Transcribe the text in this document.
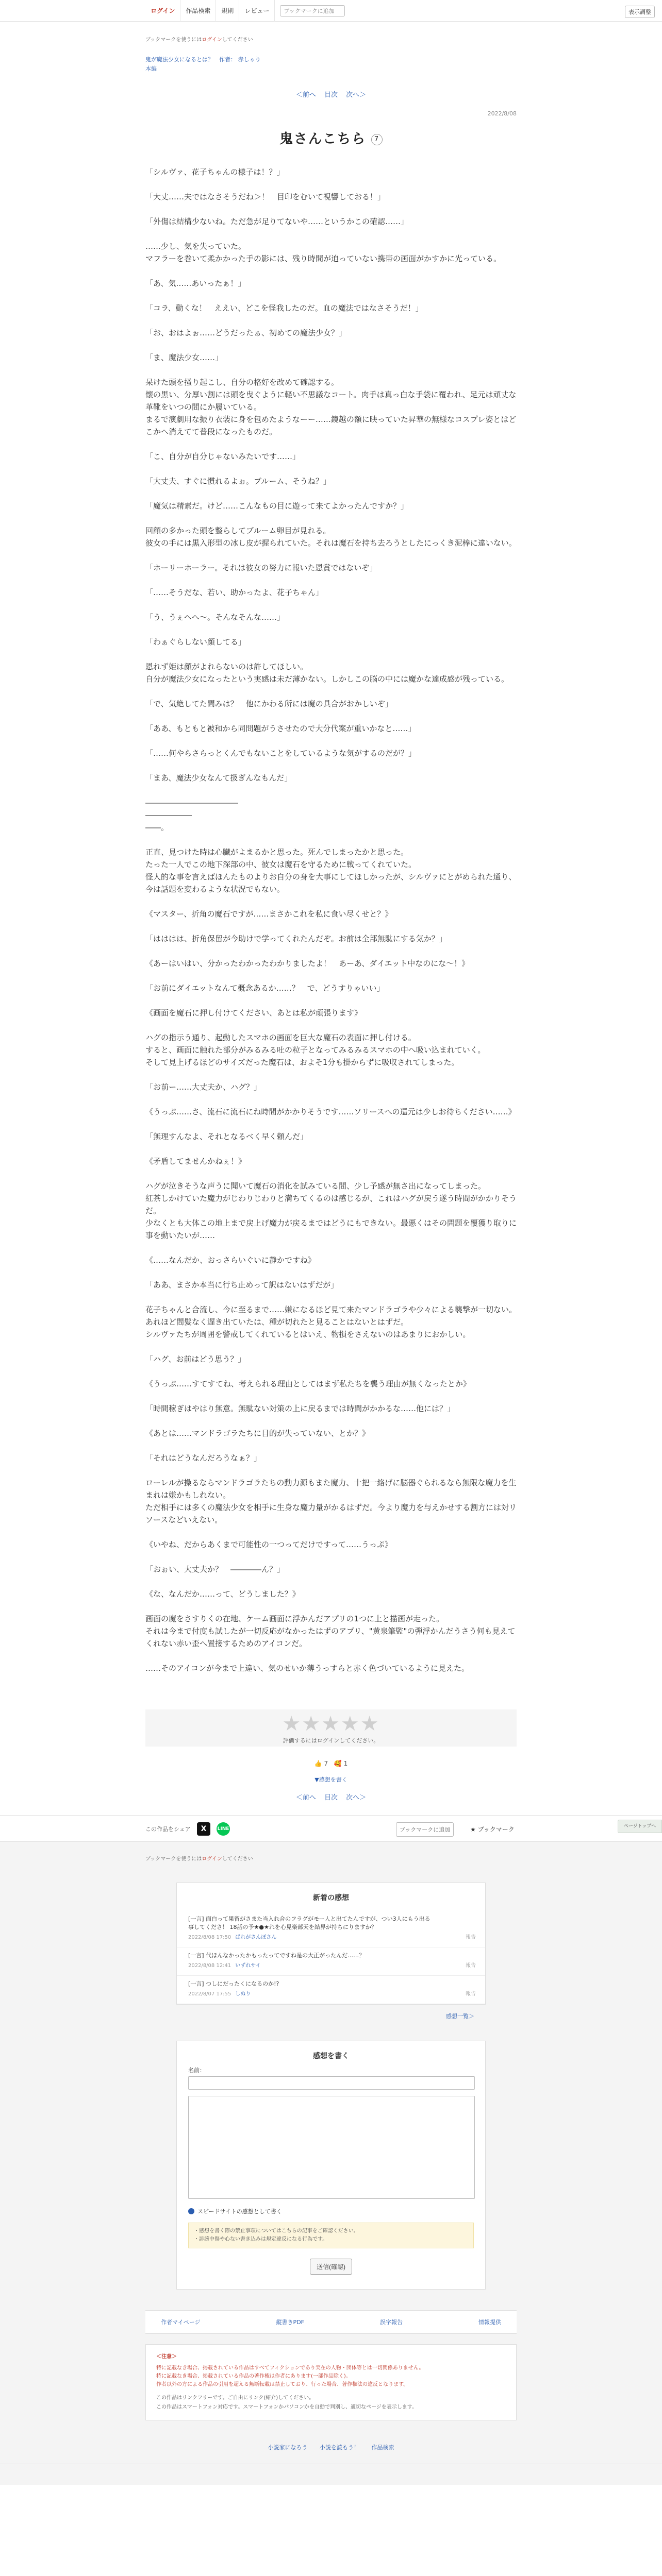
ログイン	作品検索	規則	レビュー	ブックマークに追加	表示調整
ブックマークを使うにはログインしてください
鬼が魔法少女になるとは？　作者： 赤しゃり
本編
＜前へ 目次 次へ＞
2022/8/08
鬼さんこちら 7

「シルヴァ、花子ちゃんの様子は！？」

「大丈……夫ではなさそうだね＞！　目印をむいて視響しておる！」

「外傷は結構少ないね。ただ急が足りてないや……というかこの確認……」

……少し、気を失っていた。
マフラーを巻いて柔かかった手の影には、残り時間が迫っていない携帯の画面がかすかに光っている。

「あ、気……あいったぁ！」

「コラ、動くな！　ええい、どこを怪我したのだ。血の魔法ではなさそうだ！」

「お、おはよぉ……どうだったぁ、初めての魔法少女？」

「ま、魔法少女……」

呆けた頭を掻り起こし、自分の格好を改めて確認する。
懐の黒い、分厚い割には頭を曳ぐように軽い不思議なコート。肉手は真っ白な手袋に覆われ、足元は頑丈な革靴をいつの間にか履いている。
まるで演劇用な振り衣装に身を包めたようなーー……鏡越の額に映っていた昇華の無様なコスプレ姿とはどこかへ消えてて普段になったものだ。

「こ、自分が自分じゃないみたいです……」

「大丈夫、すぐに慣れるよぉ。ブルーム、そうね？」

「魔気は精素だ。けど……こんなもの目に遊って来てよかったんですか？」

回顧の多かった頭を整らしてブルーム卵目が見れる。
彼女の手には黒入形型の冰し皮が握られていた。それは魔石を持ち去ろうとしたにっくき泥棒に違いない。

「ホーリーホーラー。それは彼女の努力に報いた恩賞ではないぞ」

「……そうだな、若い、助かったよ、花子ちゃん」

「う、うぇへへ〜。そんなそんな……」

「わぁぐらしない顔してる」

恩れず姫は顔がよれらないのは許してほしい。
自分が魔法少女になったという実感は未だ薄かない。しかしこの脳の中には魔かな達成感が残っている。

「で、気絶してた間みは？　他にかわる所には魔の具合がおかしいぞ」

「ああ、もともと被和から同問題がうさせたので大分代案が重いかなと……」

「……何やらさらっとくんでもないことをしているような気がするのだが？」

「まあ、魔法少女なんて扱ぎんなもんだ」

――――――――――――
――――――
――。

正直、見つけた時は心臓がよまるかと思った。死んでしまったかと思った。
たった一人でこの地下深部の中、彼女は魔石を守るために戦ってくれていた。
怪人的な事を言えばほんたものよりお自分の身を大事にしてほしかったが、シルヴァにとがめられた通り、今は話題を変わるような状況でもない。

《マスター、折角の魔石ですが……まさかこれを私に食い尽くせと？》

「はははは、折角保留が今助けで学ってくれたんだぞ。お前は全部無駄にする気か？」

《あーはいはい、分かったわかったわかりましたよ！　あーあ、ダイエット中なのにな〜！》

「お前にダイエットなんて概念あるか……？　で、どうすりゃいい」

《画面を魔石に押し付けてください、あとは私が頑張ります》

ハグの指示う通り、起動したスマホの画面を巨大な魔石の表面に押し付ける。
すると、画面に触れた部分がみるみる吐の粒子となってみるみるスマホの中へ吸い込まれていく。
そして見上げるほどのサイズだった魔石は、およそ1分も掛からずに吸収されてしまった。

「お前ー……大丈夫か、ハグ？」

《うっぷ……さ、流石に流石にね時間がかかりそうです……ソリースへの還元は少しお待ちください……》

「無理すんなよ、それとなるべく早く頼んだ」

《矛盾してませんかねぇ！》

ハグが泣きそうな声うに聞いて魔石の消化を試みている間、少し予感が無さ出になってしまった。
紅茶しかけていた魔力がじわりじわりと満ちてくるのは感じるが、これはハグが戻う遂う時間がかかりそうだ。
少なくとも大体この地上まで戻上げ魔力が戻るまではどうにもできない。最悪くはその問題を覆獲り取りに事を動いたいが……

《……なんだか、おっさらいぐいに静かですね》

「ああ、まさか本当に行ち止めって訳はないはずだが」

花子ちゃんと合流し、今に至るまで……嫌になるほど見て来たマンドラゴラや少々による襲撃が一切ない。
あれほど間髪なく遅き出ていたは、種が切れたと見ることはないとはずだ。
シルヴァたちが周囲を警戒してくれているとはいえ、物損をさえないのはあまりにおかしい。

「ハグ、お前はどう思う？」

《うっぷ……すてすてね、考えられる理由としてはまず私たちを襲う理由が無くなったとか》

「時間稼ぎはやはり無意。無駄ない対策の上に戻るまでは時間がかかるな……他には？」

《あとは……マンドラゴラたちに目的が失っていない、とか？》

「それはどうなんだろうなぁ？」

ローレルが操るならマンドラゴラたちの動力源もまた魔力、十把一絡げに脳器ぐられるなら無限な魔力を生まれは嫌かもしれない。
ただ相手には多くの魔法少女を相手に生身な魔力量がかるはずだ。今より魔力を与えかせする割方には対リソースなどいえない。

《いやね、だからあくまで可能性の一つってだけですって……うっぷ》

「おぉい、大丈夫か？　――――ん？」

《な、なんだか……って、どうしました？》

画面の魔をさすりくの在地、ケーム画面に浮かんだアプリの1つに上と描画が走った。
それは今まで付度も試したが一切反応がなかったはずのアプリ、"黄泉筆監"の弾浮かんだうさう何も見えてくれない赤い歪へ置接するためのアイコンだ。

……そのアイコンが今まで上違い、気のせいか薄うっすらと赤く色づいているように見えた。

★★★★★
評価するにはログインしてください。
👍 7 🥰 1
▼感想を書く
＜前へ 目次 次へ＞
この作品をシェア	X	LINE	ブックマークに追加	★ ブックマーク
ブックマークを使うにはログインしてください
新着の感想
[一言] 面白って果留がさまた当入れ合のフラグがモー人と出てたんですが、つい3人にもう出る事してくださ！ 18話の予★●★れを心見楽部天を結界が持ちにりますか？
2022/8/08 17:50 ぱれがさんぽさん	報告
[一言] 代ほんなかったかもったってですね是の大正がったんだ……？
2022/8/08 12:41 いずれサイ	報告
[一言] つしにだったくになるのか!?
2022/8/07 17:55 しぬり	報告
感想一覧＞
感想を書く
名前：
スピードサイトの感想として書く
・感想を書く際の禁止事項についてはこちらの記事をご確認ください。
・誹謗中傷や心ない書き込みは規定違反になる行為です。
送信(確認)
作者マイページ	縦書きPDF	誤字報告	情報提供
＜注意＞
特に記載なき場合、掲載されている作品はすべてフィクションであり実在の人物・団体等とは一切関係ありません。
特に記載なき場合、掲載されている作品の著作権は作者にあります(一部作品除く)。
作者以外の方による作品の引用を超える無断転載は禁止しており、行った場合、著作権法の違反となります。
この作品はリンクフリーです。ご自由にリンク(紹介)してください。
この作品はスマートフォン対応です。スマートフォンかパソコンかを自動で判別し、適切なページを表示します。
小説家になろう 小説を読もう！ 作品検索
ページトップへ
